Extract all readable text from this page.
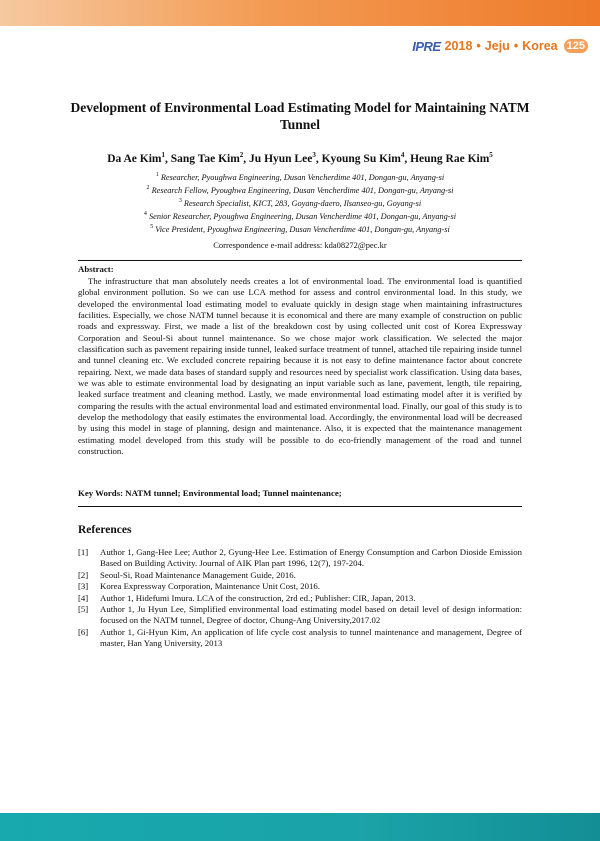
IPRE 2018 • Jeju • Korea 125
Development of Environmental Load Estimating Model for Maintaining NATM Tunnel
Da Ae Kim$^1$, Sang Tae Kim$^2$, Ju Hyun Lee$^3$, Kyoung Su Kim$^4$, Heung Rae Kim$^5$
$^1$ Researcher, Pyoughwa Engineering, Dusan Vencherdime 401, Dongan-gu, Anyang-si
$^2$ Research Fellow, Pyoughwa Engineering, Dusan Vencherdime 401, Dongan-gu, Anyang-si
$^3$ Research Specialist, KICT, 283, Goyang-daero, Ilsanseo-gu, Goyang-si
$^4$ Senior Researcher, Pyoughwa Engineering, Dusan Vencherdime 401, Dongan-gu, Anyang-si
$^5$ Vice President, Pyoughwa Engineering, Dusan Vencherdime 401, Dongan-gu, Anyang-si
Correspondence e-mail address: kda08272@pec.kr
Abstract:
The infrastructure that man absolutely needs creates a lot of environmental load. The environmental load is quantified global environment pollution. So we can use LCA method for assess and control environmental load. In this study, we developed the environmental load estimating model to evaluate quickly in design stage when maintaining infrastructures facilities. Especially, we chose NATM tunnel because it is economical and there are many example of construction on public roads and expressway. First, we made a list of the breakdown cost by using collected unit cost of Korea Expressway Corporation and Seoul-Si about tunnel maintenance. So we chose major work classification. We selected the major classification such as pavement repairing inside tunnel, leaked surface treatment of tunnel, attached tile repairing inside tunnel and tunnel cleaning etc. We excluded concrete repairing because it is not easy to define maintenance factor about concrete repairing. Next, we made data bases of standard supply and resources need by specialist work classification. Using data bases, we was able to estimate environmental load by designating an input variable such as lane, pavement, length, tile repairing, leaked surface treatment and cleaning method. Lastly, we made environmental load estimating model after it is verified by comparing the results with the actual environmental load and estimated environmental load. Finally, our goal of this study is to develop the methodology that easily estimates the environmental load. Accordingly, the environmental load will be decreased by using this model in stage of planning, design and maintenance. Also, it is expected that the maintenance management estimating model developed from this study will be possible to do eco-friendly management of the road and tunnel construction.
Key Words: NATM tunnel; Environmental load; Tunnel maintenance;
References
[1]	Author 1, Gang-Hee Lee; Author 2, Gyung-Hee Lee. Estimation of Energy Consumption and Carbon Dioside Emission Based on Building Activity. Journal of AIK Plan part 1996, 12(7), 197-204.
[2]	Seoul-Si, Road Maintenance Management Guide, 2016.
[3]	Korea Expressway Corporation, Maintenance Unit Cost, 2016.
[4]	Author 1, Hidefumi Imura. LCA of the construction, 2rd ed.; Publisher: CIR, Japan, 2013.
[5]	Author 1, Ju Hyun Lee, Simplified environmental load estimating model based on detail level of design information: focused on the NATM tunnel, Degree of doctor, Chung-Ang University,2017.02
[6]	Author 1, Gi-Hyun Kim, An application of life cycle cost analysis to tunnel maintenance and management, Degree of master, Han Yang University, 2013
